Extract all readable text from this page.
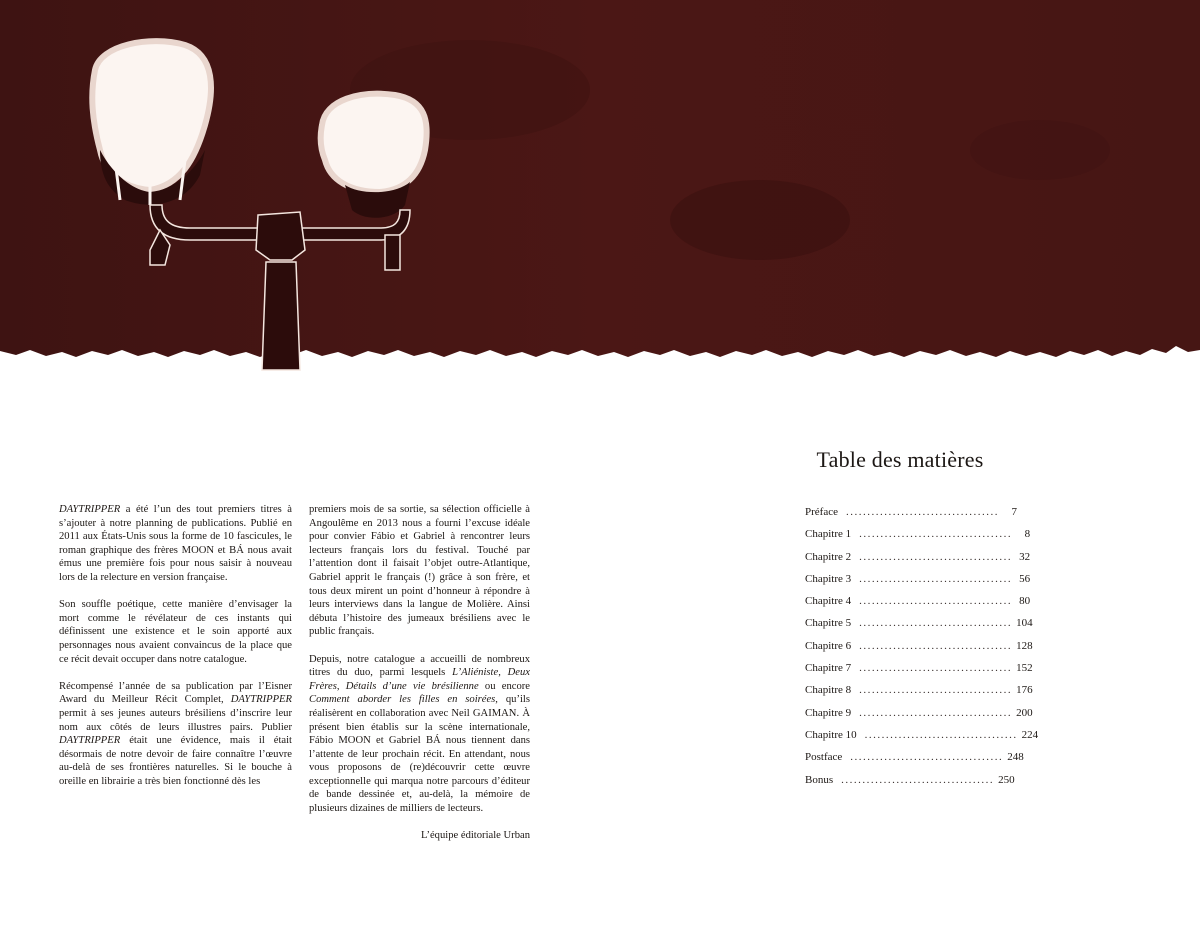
DAYTRIPPER a été l’un des tout premiers titres à s’ajouter à notre planning de publications. Publié en 2011 aux États-Unis sous la forme de 10 fascicules, le roman graphique des frères MOON et BÁ nous avait émus une première fois pour nous saisir à nouveau lors de la relecture en version française.

Son souffle poétique, cette manière d’envisager la mort comme le révélateur de ces instants qui définissent une existence et le soin apporté aux personnages nous avaient convaincus de la place que ce récit devait occuper dans notre catalogue.

Récompensé l’année de sa publication par l’Eisner Award du Meilleur Récit Complet, DAYTRIPPER permit à ses jeunes auteurs brésiliens d’inscrire leur nom aux côtés de leurs illustres pairs. Publier DAYTRIPPER était une évidence, mais il était désormais de notre devoir de faire connaître l’œuvre au-delà de ses frontières naturelles. Si le bouche à oreille en librairie a très bien fonctionné dès les

premiers mois de sa sortie, sa sélection officielle à Angoulême en 2013 nous a fourni l’excuse idéale pour convier Fábio et Gabriel à rencontrer leurs lecteurs français lors du festival. Touché par l’attention dont il faisait l’objet outre-Atlantique, Gabriel apprit le français (!) grâce à son frère, et tous deux mirent un point d’honneur à répondre à leurs interviews dans la langue de Molière. Ainsi débuta l’histoire des jumeaux brésiliens avec le public français.

Depuis, notre catalogue a accueilli de nombreux titres du duo, parmi lesquels L’Aliéniste, Deux Frères, Détails d’une vie brésilienne ou encore Comment aborder les filles en soirées, qu’ils réalisèrent en collaboration avec Neil GAIMAN. À présent bien établis sur la scène internationale, Fábio MOON et Gabriel BÁ nous tiennent dans l’attente de leur prochain récit. En attendant, nous vous proposons de (re)découvrir cette œuvre exceptionnelle qui marqua notre parcours d’éditeur de bande dessinée et, au-delà, la mémoire de plusieurs dizaines de milliers de lecteurs.

L’équipe éditoriale Urban

Table des matières
Préface ....................................	7
Chapitre 1 ....................................	8
Chapitre 2 .................................... 32
Chapitre 3 .................................... 56
Chapitre 4 .................................... 80
Chapitre 5 .................................... 104
Chapitre 6 .................................... 128
Chapitre 7 .................................... 152
Chapitre 8 .................................... 176
Chapitre 9 .................................... 200
Chapitre 10 .................................... 224
Postface .................................... 248
Bonus .................................... 250
